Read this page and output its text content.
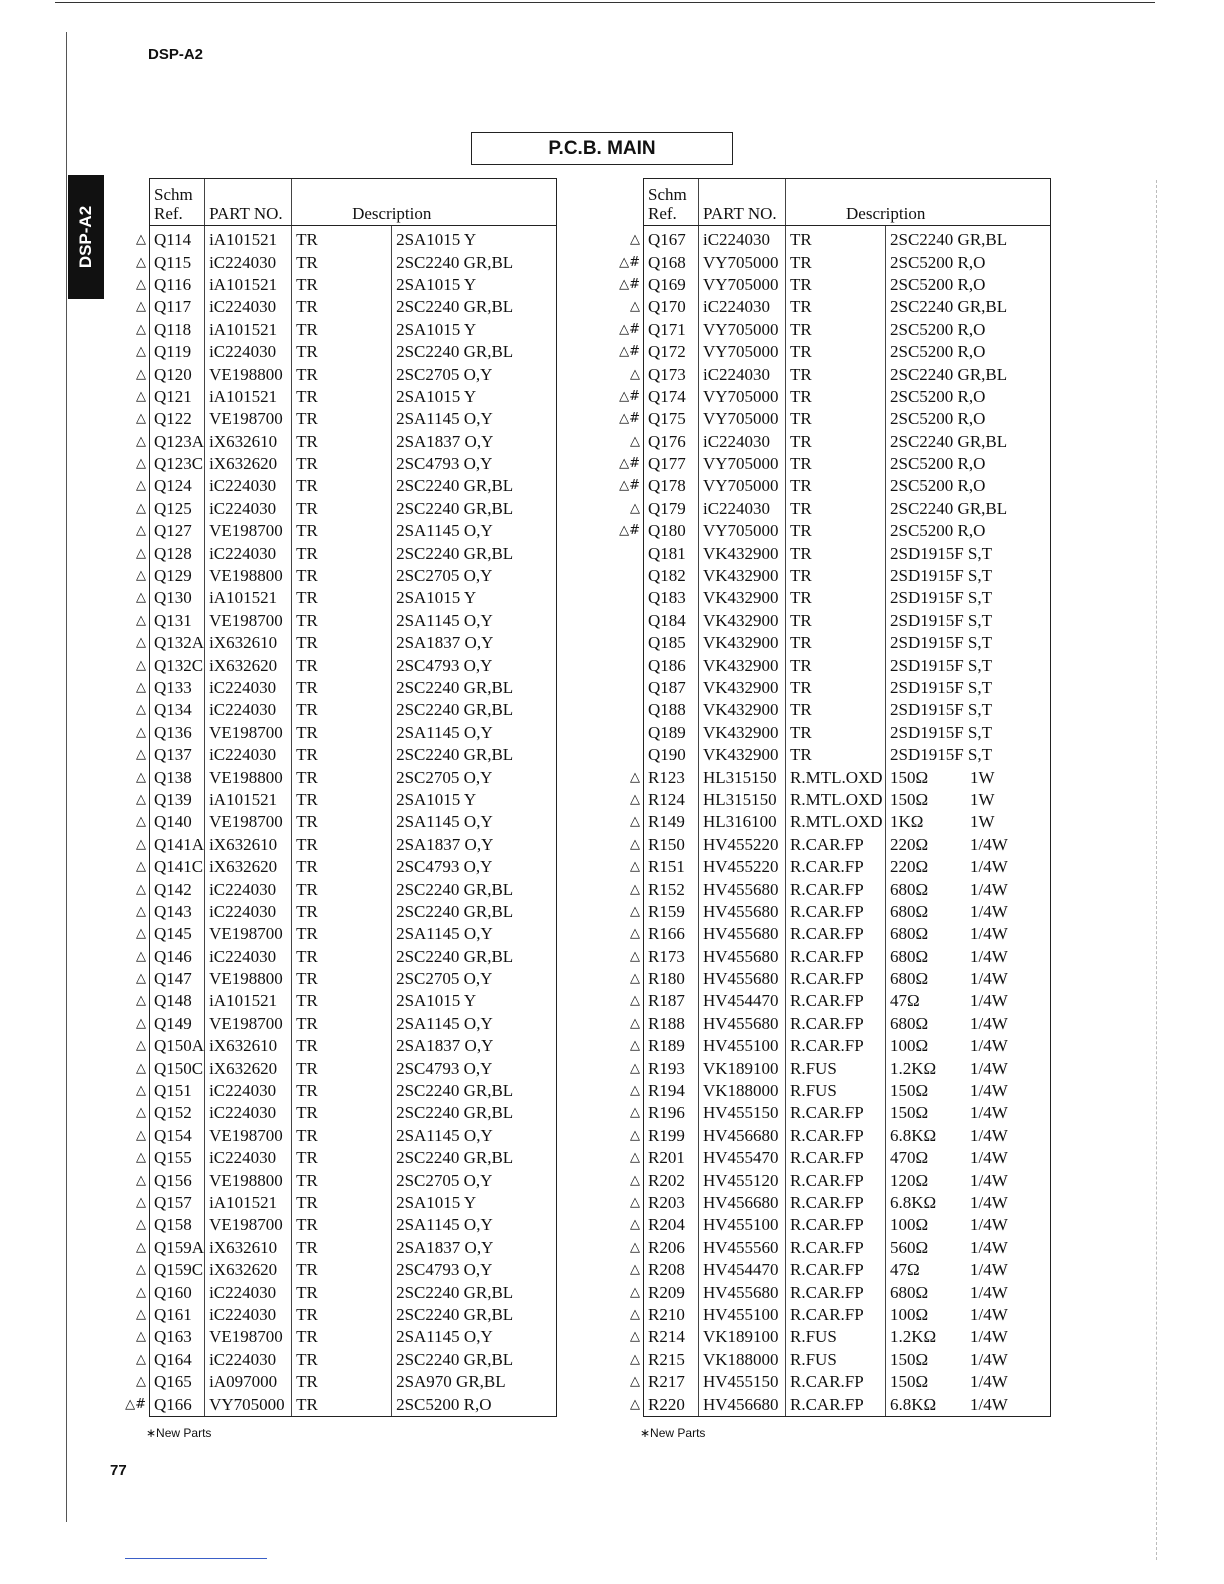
DSP-A2
DSP-A2
P.C.B. MAIN

	Schm
Ref.	PART NO.	Description	
△	Q114	iA101521	TR	2SA1015 Y
△	Q115	iC224030	TR	2SC2240 GR,BL
△	Q116	iA101521	TR	2SA1015 Y
△	Q117	iC224030	TR	2SC2240 GR,BL
△	Q118	iA101521	TR	2SA1015 Y
△	Q119	iC224030	TR	2SC2240 GR,BL
△	Q120	VE198800	TR	2SC2705 O,Y
△	Q121	iA101521	TR	2SA1015 Y
△	Q122	VE198700	TR	2SA1145 O,Y
△	Q123A	iX632610	TR	2SA1837 O,Y
△	Q123C	iX632620	TR	2SC4793 O,Y
△	Q124	iC224030	TR	2SC2240 GR,BL
△	Q125	iC224030	TR	2SC2240 GR,BL
△	Q127	VE198700	TR	2SA1145 O,Y
△	Q128	iC224030	TR	2SC2240 GR,BL
△	Q129	VE198800	TR	2SC2705 O,Y
△	Q130	iA101521	TR	2SA1015 Y
△	Q131	VE198700	TR	2SA1145 O,Y
△	Q132A	iX632610	TR	2SA1837 O,Y
△	Q132C	iX632620	TR	2SC4793 O,Y
△	Q133	iC224030	TR	2SC2240 GR,BL
△	Q134	iC224030	TR	2SC2240 GR,BL
△	Q136	VE198700	TR	2SA1145 O,Y
△	Q137	iC224030	TR	2SC2240 GR,BL
△	Q138	VE198800	TR	2SC2705 O,Y
△	Q139	iA101521	TR	2SA1015 Y
△	Q140	VE198700	TR	2SA1145 O,Y
△	Q141A	iX632610	TR	2SA1837 O,Y
△	Q141C	iX632620	TR	2SC4793 O,Y
△	Q142	iC224030	TR	2SC2240 GR,BL
△	Q143	iC224030	TR	2SC2240 GR,BL
△	Q145	VE198700	TR	2SA1145 O,Y
△	Q146	iC224030	TR	2SC2240 GR,BL
△	Q147	VE198800	TR	2SC2705 O,Y
△	Q148	iA101521	TR	2SA1015 Y
△	Q149	VE198700	TR	2SA1145 O,Y
△	Q150A	iX632610	TR	2SA1837 O,Y
△	Q150C	iX632620	TR	2SC4793 O,Y
△	Q151	iC224030	TR	2SC2240 GR,BL
△	Q152	iC224030	TR	2SC2240 GR,BL
△	Q154	VE198700	TR	2SA1145 O,Y
△	Q155	iC224030	TR	2SC2240 GR,BL
△	Q156	VE198800	TR	2SC2705 O,Y
△	Q157	iA101521	TR	2SA1015 Y
△	Q158	VE198700	TR	2SA1145 O,Y
△	Q159A	iX632610	TR	2SA1837 O,Y
△	Q159C	iX632620	TR	2SC4793 O,Y
△	Q160	iC224030	TR	2SC2240 GR,BL
△	Q161	iC224030	TR	2SC2240 GR,BL
△	Q163	VE198700	TR	2SA1145 O,Y
△	Q164	iC224030	TR	2SC2240 GR,BL
△	Q165	iA097000	TR	2SA970 GR,BL
△#	Q166	VY705000	TR	2SC5200 R,O

	Schm
Ref.	PART NO.	Description	
△	Q167	iC224030	TR	2SC2240 GR,BL
△#	Q168	VY705000	TR	2SC5200 R,O
△#	Q169	VY705000	TR	2SC5200 R,O
△	Q170	iC224030	TR	2SC2240 GR,BL
△#	Q171	VY705000	TR	2SC5200 R,O
△#	Q172	VY705000	TR	2SC5200 R,O
△	Q173	iC224030	TR	2SC2240 GR,BL
△#	Q174	VY705000	TR	2SC5200 R,O
△#	Q175	VY705000	TR	2SC5200 R,O
△	Q176	iC224030	TR	2SC2240 GR,BL
△#	Q177	VY705000	TR	2SC5200 R,O
△#	Q178	VY705000	TR	2SC5200 R,O
△	Q179	iC224030	TR	2SC2240 GR,BL
△#	Q180	VY705000	TR	2SC5200 R,O
	Q181	VK432900	TR	2SD1915F S,T
	Q182	VK432900	TR	2SD1915F S,T
	Q183	VK432900	TR	2SD1915F S,T
	Q184	VK432900	TR	2SD1915F S,T
	Q185	VK432900	TR	2SD1915F S,T
	Q186	VK432900	TR	2SD1915F S,T
	Q187	VK432900	TR	2SD1915F S,T
	Q188	VK432900	TR	2SD1915F S,T
	Q189	VK432900	TR	2SD1915F S,T
	Q190	VK432900	TR	2SD1915F S,T
△	R123	HL315150	R.MTL.OXD	150Ω 1W
△	R124	HL315150	R.MTL.OXD	150Ω 1W
△	R149	HL316100	R.MTL.OXD	1KΩ 1W
△	R150	HV455220	R.CAR.FP	220Ω 1/4W
△	R151	HV455220	R.CAR.FP	220Ω 1/4W
△	R152	HV455680	R.CAR.FP	680Ω 1/4W
△	R159	HV455680	R.CAR.FP	680Ω 1/4W
△	R166	HV455680	R.CAR.FP	680Ω 1/4W
△	R173	HV455680	R.CAR.FP	680Ω 1/4W
△	R180	HV455680	R.CAR.FP	680Ω 1/4W
△	R187	HV454470	R.CAR.FP	47Ω 1/4W
△	R188	HV455680	R.CAR.FP	680Ω 1/4W
△	R189	HV455100	R.CAR.FP	100Ω 1/4W
△	R193	VK189100	R.FUS	1.2KΩ 1/4W
△	R194	VK188000	R.FUS	150Ω 1/4W
△	R196	HV455150	R.CAR.FP	150Ω 1/4W
△	R199	HV456680	R.CAR.FP	6.8KΩ 1/4W
△	R201	HV455470	R.CAR.FP	470Ω 1/4W
△	R202	HV455120	R.CAR.FP	120Ω 1/4W
△	R203	HV456680	R.CAR.FP	6.8KΩ 1/4W
△	R204	HV455100	R.CAR.FP	100Ω 1/4W
△	R206	HV455560	R.CAR.FP	560Ω 1/4W
△	R208	HV454470	R.CAR.FP	47Ω 1/4W
△	R209	HV455680	R.CAR.FP	680Ω 1/4W
△	R210	HV455100	R.CAR.FP	100Ω 1/4W
△	R214	VK189100	R.FUS	1.2KΩ 1/4W
△	R215	VK188000	R.FUS	150Ω 1/4W
△	R217	HV455150	R.CAR.FP	150Ω 1/4W
△	R220	HV456680	R.CAR.FP	6.8KΩ 1/4W
∗New Parts	∗New Parts
77
